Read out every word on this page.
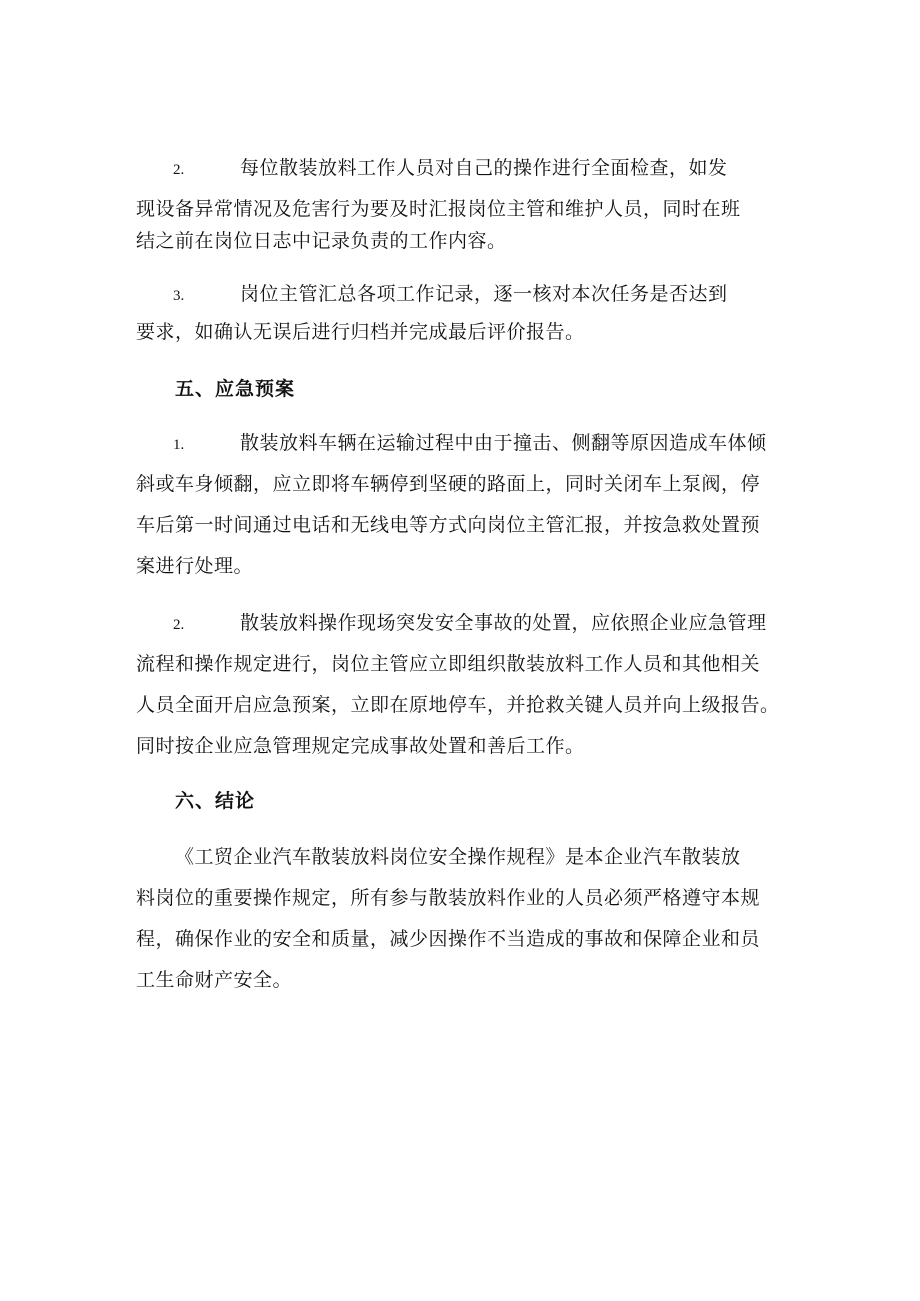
2.	每位散装放料工作人员对自己的操作进行全面检查，如发
现设备异常情况及危害行为要及时汇报岗位主管和维护人员，同时在班
结之前在岗位日志中记录负责的工作内容。
3.	岗位主管汇总各项工作记录，逐一核对本次任务是否达到
要求，如确认无误后进行归档并完成最后评价报告。
五、应急预案
1.	散装放料车辆在运输过程中由于撞击、侧翻等原因造成车体倾
斜或车身倾翻，应立即将车辆停到坚硬的路面上，同时关闭车上泵阀，停
车后第一时间通过电话和无线电等方式向岗位主管汇报，并按急救处置预
案进行处理。
2.	散装放料操作现场突发安全事故的处置，应依照企业应急管理
流程和操作规定进行，岗位主管应立即组织散装放料工作人员和其他相关
人员全面开启应急预案，立即在原地停车，并抢救关键人员并向上级报告。
同时按企业应急管理规定完成事故处置和善后工作。
六、结论
《工贸企业汽车散装放料岗位安全操作规程》是本企业汽车散装放
料岗位的重要操作规定，所有参与散装放料作业的人员必须严格遵守本规
程，确保作业的安全和质量，减少因操作不当造成的事故和保障企业和员
工生命财产安全。
